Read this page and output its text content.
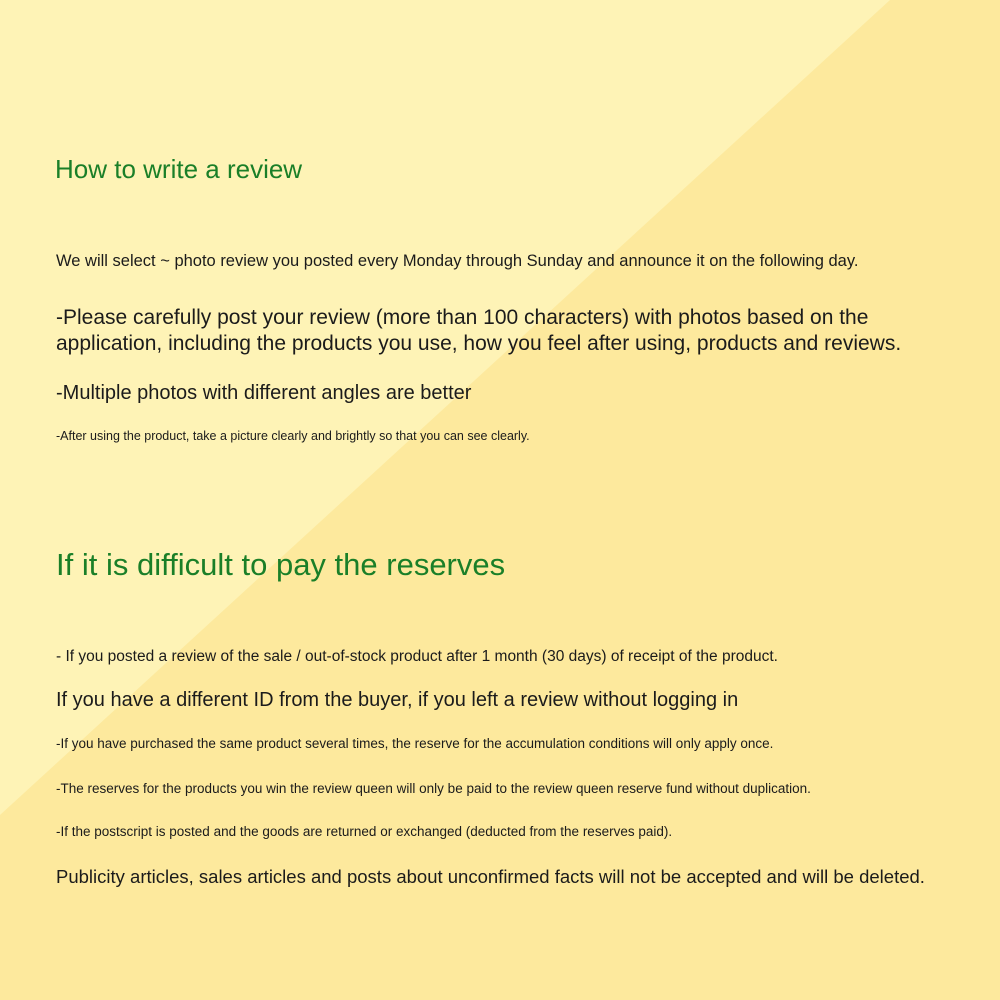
How to write a review

We will select ~ photo review you posted every Monday through Sunday and announce it on the following day.

-Please carefully post your review (more than 100 characters) with photos based on the application, including the products you use, how you feel after using, products and reviews.

-Multiple photos with different angles are better

-After using the product, take a picture clearly and brightly so that you can see clearly.

If it is difficult to pay the reserves

- If you posted a review of the sale / out-of-stock product after 1 month (30 days) of receipt of the product.

If you have a different ID from the buyer, if you left a review without logging in

-If you have purchased the same product several times, the reserve for the accumulation conditions will only apply once.

-The reserves for the products you win the review queen will only be paid to the review queen reserve fund without duplication.

-If the postscript is posted and the goods are returned or exchanged (deducted from the reserves paid).

Publicity articles, sales articles and posts about unconfirmed facts will not be accepted and will be deleted.
